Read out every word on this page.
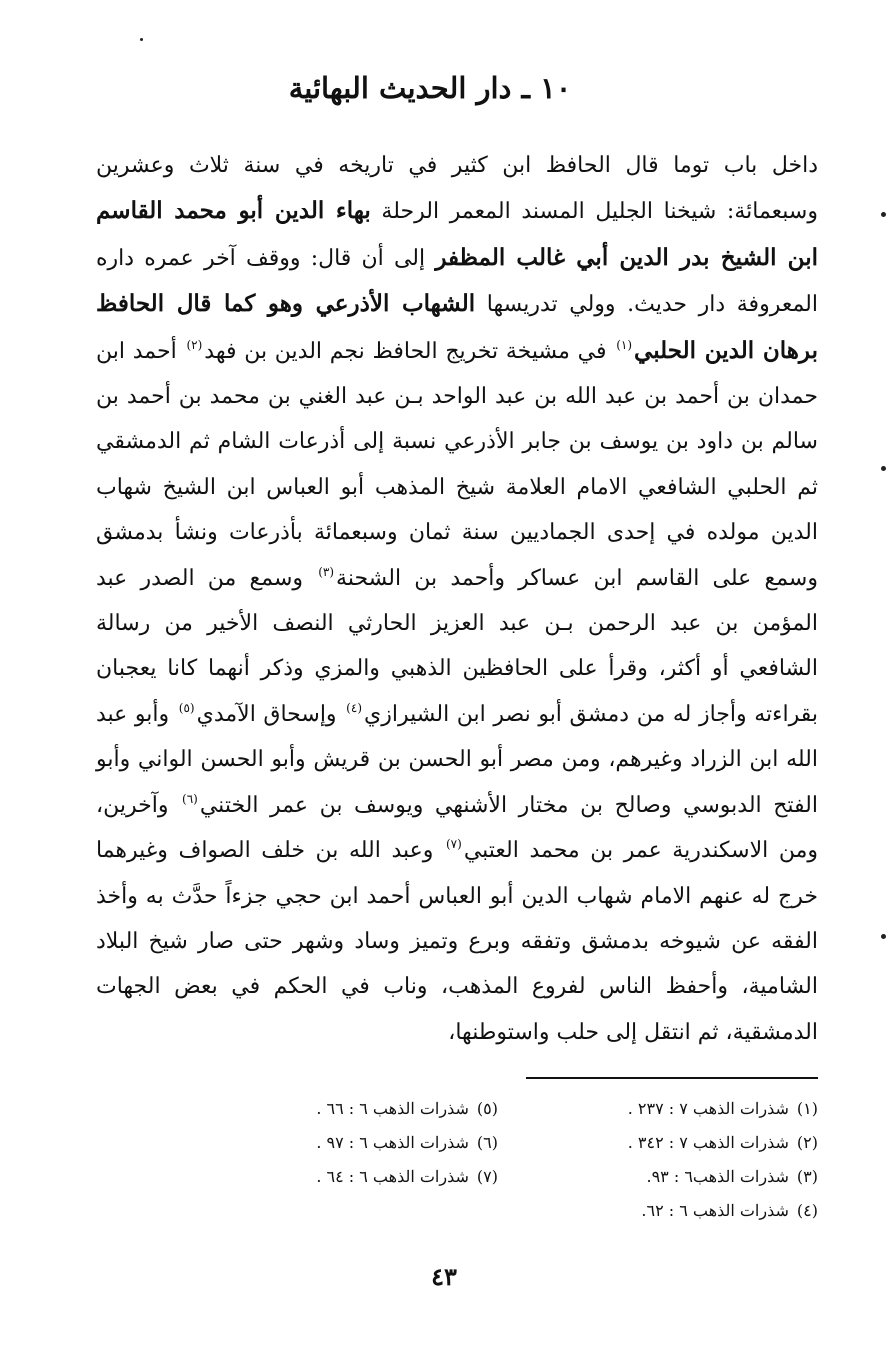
١٠ ـ دار الحديث البهائية
داخل باب توما قال الحافظ ابن كثير في تاريخه في سنة ثلاث وعشرين وسبعمائة: شيخنا الجليل المسند المعمر الرحلة بهاء الدين أبو محمد القاسم ابن الشيخ بدر الدين أبي غالب المظفر إلى أن قال: ووقف آخر عمره داره المعروفة دار حديث. وولي تدريسها الشهاب الأذرعي وهو كما قال الحافظ برهان الدين الحلبي$^{(١)}$ في مشيخة تخريج الحافظ نجم الدين بن فهد$^{(٢)}$ أحمد ابن حمدان بن أحمد بن عبد الله بن عبد الواحد بـن عبد الغني بن محمد بن أحمد بن سالم بن داود بن يوسف بن جابر الأذرعي نسبة إلى أذرعات الشام ثم الدمشقي ثم الحلبي الشافعي الامام العلامة شيخ المذهب أبو العباس ابن الشيخ شهاب الدين مولده في إحدى الجماديين سنة ثمان وسبعمائة بأذرعات ونشأ بدمشق وسمع على القاسم ابن عساكر وأحمد بن الشحنة$^{(٣)}$ وسمع من الصدر عبد المؤمن بن عبد الرحمن بـن عبد العزيز الحارثي النصف الأخير من رسالة الشافعي أو أكثر، وقرأ على الحافظين الذهبي والمزي وذكر أنهما كانا يعجبان بقراءته وأجاز له من دمشق أبو نصر ابن الشيرازي$^{(٤)}$ وإسحاق الآمدي$^{(٥)}$ وأبو عبد الله ابن الزراد وغيرهم، ومن مصر أبو الحسن بن قريش وأبو الحسن الواني وأبو الفتح الدبوسي وصالح بن مختار الأشنهي ويوسف بن عمر الختني$^{(٦)}$ وآخرين، ومن الاسكندرية عمر بن محمد العتبي$^{(٧)}$ وعبد الله بن خلف الصواف وغيرهما خرج له عنهم الامام شهاب الدين أبو العباس أحمد ابن حجي جزءاً حدَّث به وأخذ الفقه عن شيوخه بدمشق وتفقه وبرع وتميز وساد وشهر حتى صار شيخ البلاد الشامية، وأحفظ الناس لفروع المذهب، وناب في الحكم في بعض الجهات الدمشقية، ثم انتقل إلى حلب واستوطنها،
(١)شذرات الذهب ٧ : ٢٣٧ .
(٢)شذرات الذهب ٧ : ٣٤٢ .
(٣)شذرات الذهب٦ : ٩٣.
(٤)شذرات الذهب ٦ : ٦٢.
(٥)شذرات الذهب ٦ : ٦٦ .
(٦)شذرات الذهب ٦ : ٩٧ .
(٧)شذرات الذهب ٦ : ٦٤ .
٤٣
